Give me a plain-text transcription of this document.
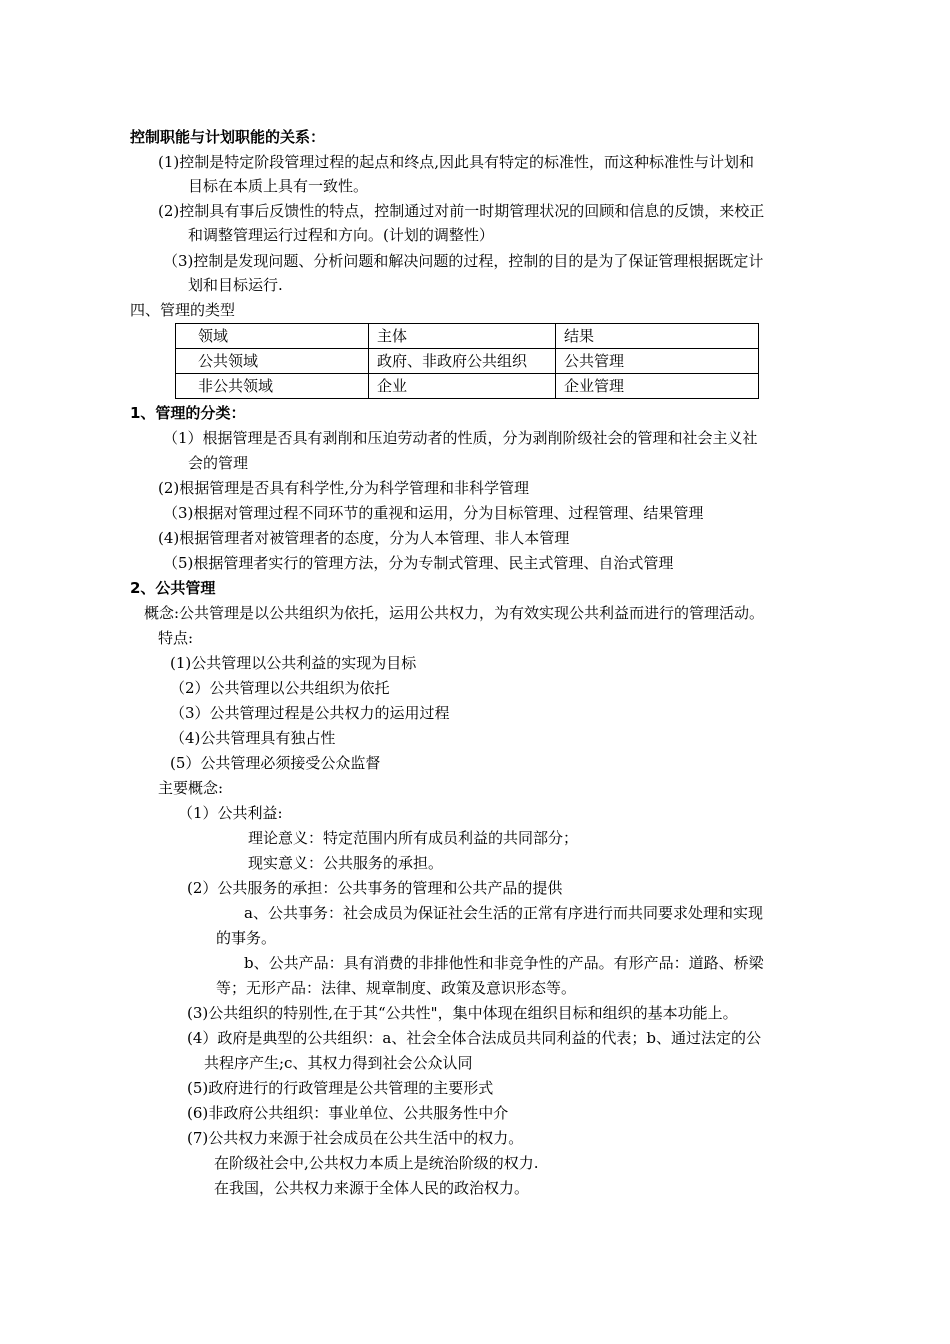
控制职能与计划职能的关系：
(1)控制是特定阶段管理过程的起点和终点,因此具有特定的标准性，而这种标准性与计划和
目标在本质上具有一致性。
(2)控制具有事后反馈性的特点，控制通过对前一时期管理状况的回顾和信息的反馈，来校正
和调整管理运行过程和方向。(计划的调整性）
（3)控制是发现问题、分析问题和解决问题的过程，控制的目的是为了保证管理根据既定计
划和目标运行.
四、管理的类型
领域	主体	结果
公共领域	政府、非政府公共组织	公共管理
非公共领域	企业	企业管理
1、管理的分类：
（1）根据管理是否具有剥削和压迫劳动者的性质，分为剥削阶级社会的管理和社会主义社
会的管理
(2)根据管理是否具有科学性,分为科学管理和非科学管理
（3)根据对管理过程不同环节的重视和运用，分为目标管理、过程管理、结果管理
(4)根据管理者对被管理者的态度，分为人本管理、非人本管理
（5)根据管理者实行的管理方法，分为专制式管理、民主式管理、自治式管理
2、公共管理
概念:公共管理是以公共组织为依托，运用公共权力，为有效实现公共利益而进行的管理活动。
特点:
(1)公共管理以公共利益的实现为目标
（2）公共管理以公共组织为依托
（3）公共管理过程是公共权力的运用过程
（4)公共管理具有独占性
(5）公共管理必须接受公众监督
主要概念:
（1）公共利益:
理论意义：特定范围内所有成员利益的共同部分；
现实意义：公共服务的承担。
(2）公共服务的承担：公共事务的管理和公共产品的提供
a、公共事务：社会成员为保证社会生活的正常有序进行而共同要求处理和实现
的事务。
b、公共产品：具有消费的非排他性和非竞争性的产品。有形产品：道路、桥梁
等；无形产品：法律、规章制度、政策及意识形态等。
(3)公共组织的特别性,在于其“公共性"，集中体现在组织目标和组织的基本功能上。
(4）政府是典型的公共组织：a、社会全体合法成员共同利益的代表；b、通过法定的公
共程序产生;c、其权力得到社会公众认同
(5)政府进行的行政管理是公共管理的主要形式
(6)非政府公共组织：事业单位、公共服务性中介
(7)公共权力来源于社会成员在公共生活中的权力。
在阶级社会中,公共权力本质上是统治阶级的权力.
在我国，公共权力来源于全体人民的政治权力。
